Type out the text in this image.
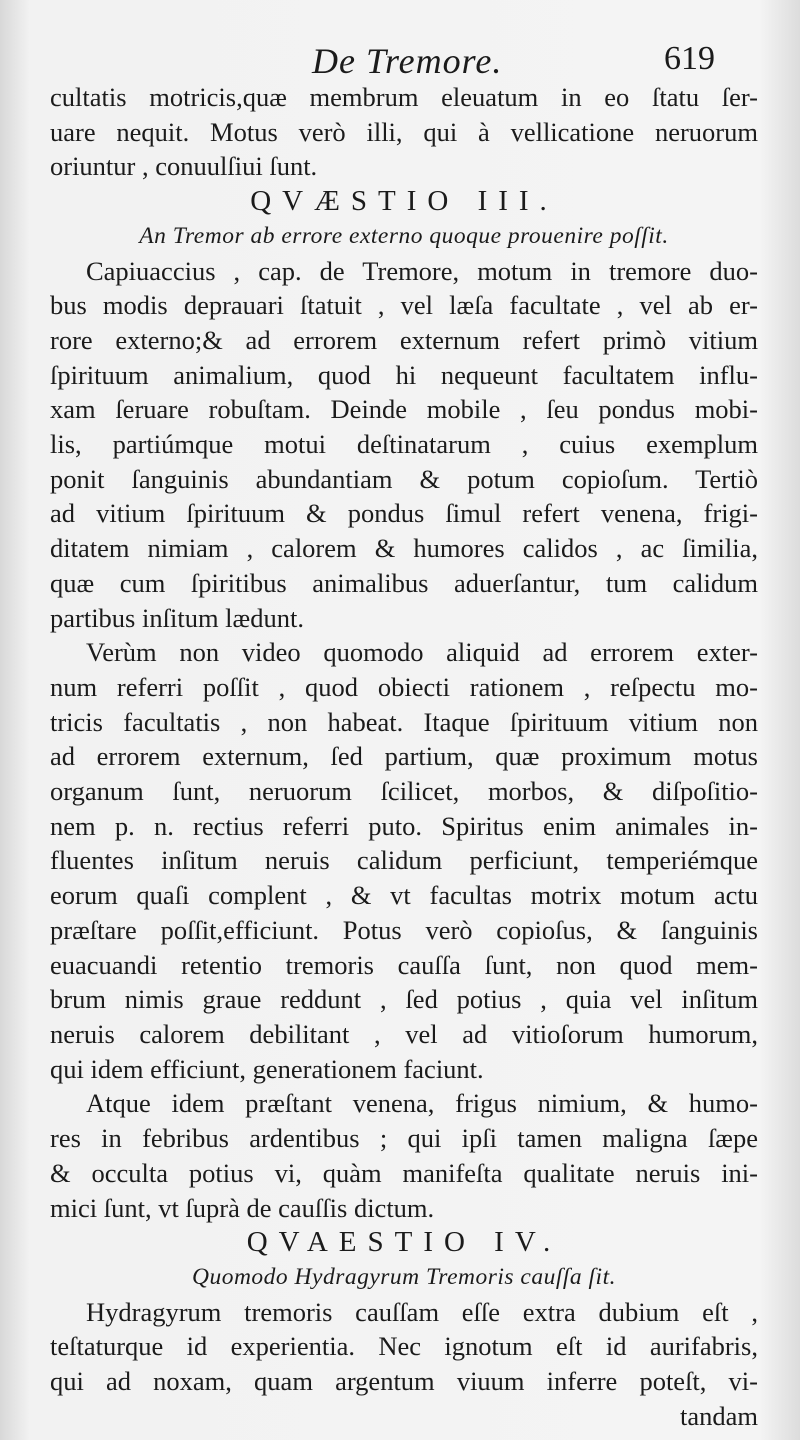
De Tremore.	619
cultatis motricis,quæ membrum eleuatum in eo ſtatu ſer-
uare nequit. Motus verò illi, qui à vellicatione neruorum
oriuntur , conuulſiui ſunt.
QVÆSTIO III.
An Tremor ab errore externo quoque prouenire poſſit.
Capiuaccius , cap. de Tremore, motum in tremore duo-
bus modis deprauari ſtatuit , vel læſa facultate , vel ab er-
rore externo;& ad errorem externum refert primò vitium
ſpirituum animalium, quod hi nequeunt facultatem influ-
xam ſeruare robuſtam. Deinde mobile , ſeu pondus mobi-
lis, partiúmque motui deſtinatarum , cuius exemplum
ponit ſanguinis abundantiam & potum copioſum. Tertiò
ad vitium ſpirituum & pondus ſimul refert venena, frigi-
ditatem nimiam , calorem & humores calidos , ac ſimilia,
quæ cum ſpiritibus animalibus aduerſantur, tum calidum
partibus inſitum lædunt.
Verùm non video quomodo aliquid ad errorem exter-
num referri poſſit , quod obiecti rationem , reſpectu mo-
tricis facultatis , non habeat. Itaque ſpirituum vitium non
ad errorem externum, ſed partium, quæ proximum motus
organum ſunt, neruorum ſcilicet, morbos, & diſpoſitio-
nem p. n. rectius referri puto. Spiritus enim animales in-
fluentes inſitum neruis calidum perficiunt, temperiémque
eorum quaſi complent , & vt facultas motrix motum actu
præſtare poſſit,efficiunt. Potus verò copioſus, & ſanguinis
euacuandi retentio tremoris cauſſa ſunt, non quod mem-
brum nimis graue reddunt , ſed potius , quia vel inſitum
neruis calorem debilitant , vel ad vitioſorum humorum,
qui idem efficiunt, generationem faciunt.
Atque idem præſtant venena, frigus nimium, & humo-
res in febribus ardentibus ; qui ipſi tamen maligna ſæpe
& occulta potius vi, quàm manifeſta qualitate neruis ini-
mici ſunt, vt ſuprà de cauſſis dictum.
QVAESTIO IV.
Quomodo Hydragyrum Tremoris cauſſa ſit.
Hydragyrum tremoris cauſſam eſſe extra dubium eſt ,
teſtaturque id experientia. Nec ignotum eſt id aurifabris,
qui ad noxam, quam argentum viuum inferre poteſt, vi-
tandam
